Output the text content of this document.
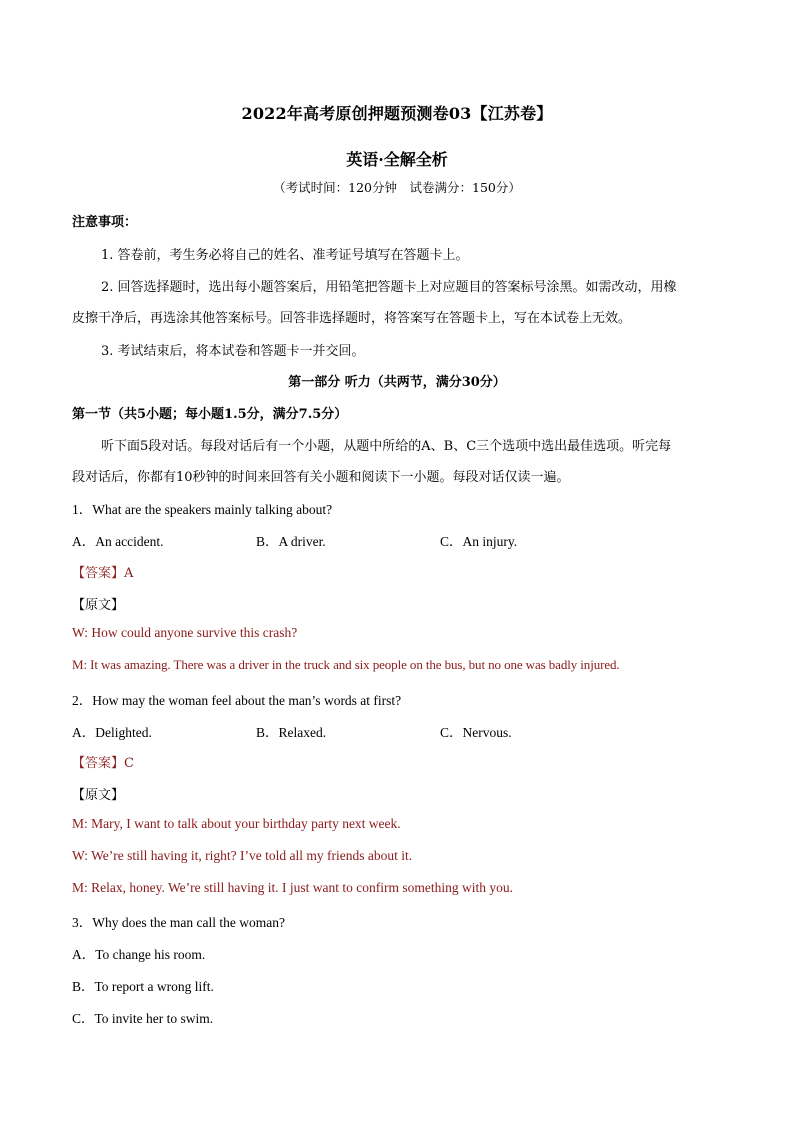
2022年高考原创押题预测卷03【江苏卷】
英语·全解全析
（考试时间：120分钟　试卷满分：150分）
注意事项：
1. 答卷前，考生务必将自己的姓名、准考证号填写在答题卡上。
2. 回答选择题时，选出每小题答案后，用铅笔把答题卡上对应题目的答案标号涂黑。如需改动，用橡
皮擦干净后，再选涂其他答案标号。回答非选择题时，将答案写在答题卡上，写在本试卷上无效。
3. 考试结束后，将本试卷和答题卡一并交回。
第一部分 听力（共两节，满分30分）
第一节（共5小题；每小题1.5分，满分7.5分）
听下面5段对话。每段对话后有一个小题，从题中所给的A、B、C三个选项中选出最佳选项。听完每
段对话后，你都有10秒钟的时间来回答有关小题和阅读下一小题。每段对话仅读一遍。
1．What are the speakers mainly talking about?
A．An accident.	B．A driver.	C．An injury.
【答案】A
【原文】
W: How could anyone survive this crash?
M: It was amazing. There was a driver in the truck and six people on the bus, but no one was badly injured.
2．How may the woman feel about the man’s words at first?
A．Delighted.	B．Relaxed.	C．Nervous.
【答案】C
【原文】
M: Mary, I want to talk about your birthday party next week.
W: We’re still having it, right? I’ve told all my friends about it.
M: Relax, honey. We’re still having it. I just want to confirm something with you.
3．Why does the man call the woman?
A．To change his room.
B．To report a wrong lift.
C．To invite her to swim.
